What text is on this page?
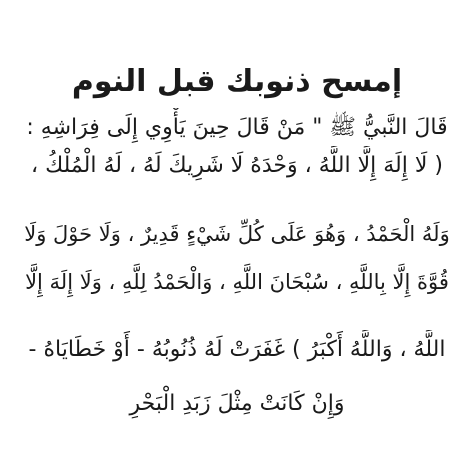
إمسح ذنوبك قبل النوم
قَالَ النَّبيُّ ﷺ " مَنْ قَالَ حِينَ يَأْوِي إِلَى فِرَاشِهِ :
( لَا إِلَهَ إِلَّا اللَّهُ ، وَحْدَهُ لَا شَرِيكَ لَهُ ، لَهُ الْمُلْكُ ،
وَلَهُ الْحَمْدُ ، وَهُوَ عَلَى كُلِّ شَيْءٍ قَدِيرٌ ، وَلَا حَوْلَ وَلَا
قُوَّةَ إِلَّا بِاللَّهِ ، سُبْحَانَ اللَّهِ ، وَالْحَمْدُ لِلَّهِ ، وَلَا إِلَهَ إِلَّا
اللَّهُ ، وَاللَّهُ أَكْبَرُ ) غَفَرَتْ لَهُ ذُنُوبُهُ - أَوْ خَطَايَاهُ -
وَإِنْ كَانَتْ مِثْلَ زَبَدِ الْبَحْرِ
